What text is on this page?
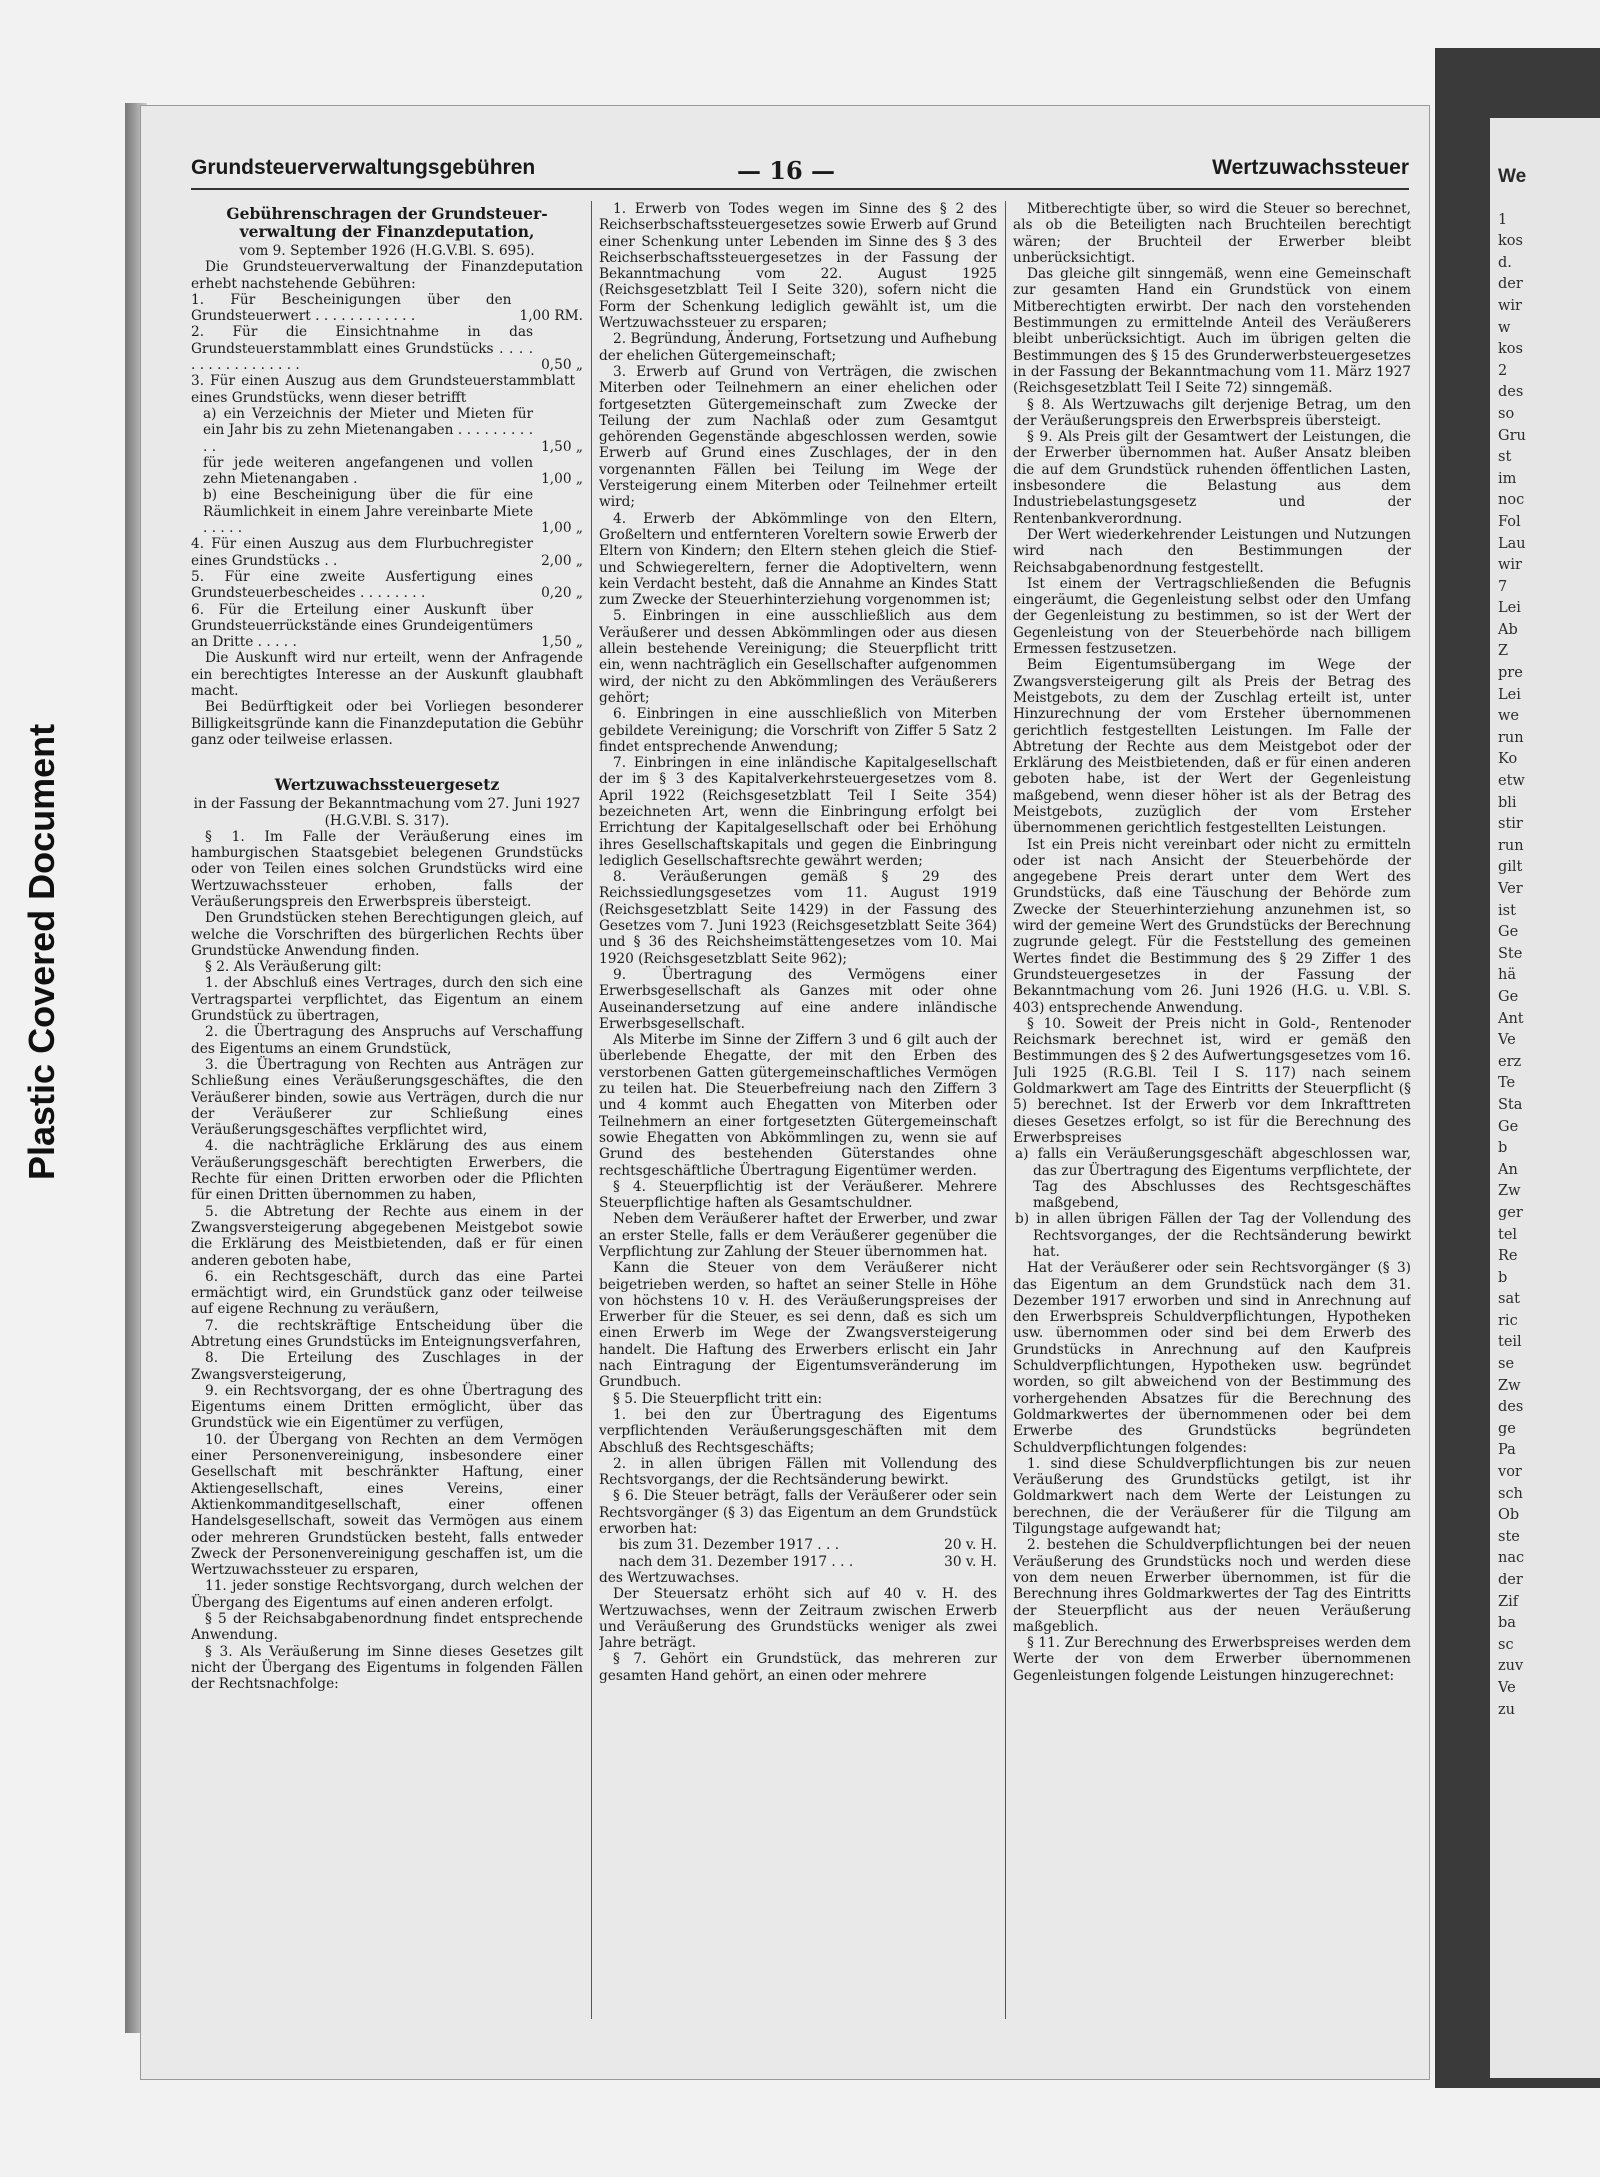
Plastic Covered Document
We
1
kos
d.
der
wir
w
kos
2
des
so
Gru
st
im
noc
Fol
Lau
wir
7
Lei
Ab
Z
pre
Lei
we
run
Ko
etw
bli
stir
run
gilt
Ver
ist
Ge
Ste
hä
Ge
Ant
Ve
erz
Te
Sta
Ge
b
An
Zw
ger
tel
Re
b
sat
ric
teil
se
Zw
des
ge
Pa
vor
sch
Ob
ste
nac
der
Zif
ba
sc
zuv
Ve
zu
Grundsteuerverwaltungsgebühren	— 16 —	Wertzuwachssteuer
Gebührenschragen der Grundsteuer-verwaltung der Finanzdeputation,

vom 9. September 1926 (H.G.V.Bl. S. 695).

Die Grundsteuerverwaltung der Finanzdeputation erhebt nachstehende Gebühren:

1. Für Bescheinigungen über den Grundsteuerwert . . . . . . . . . . . .	1,00 RM.
2. Für die Einsichtnahme in das Grundsteuerstammblatt eines Grundstücks . . . . . . . . . . . . . . . . .	0,50 „
3. Für einen Auszug aus dem Grundsteuerstammblatt eines Grundstücks, wenn dieser betrifft
a) ein Verzeichnis der Mieter und Mieten für ein Jahr bis zu zehn Mietenangaben . . . . . . . . . . .	1,50 „
für jede weiteren angefangenen und vollen zehn Mietenangaben .	1,00 „
b) eine Bescheinigung über die für eine Räumlichkeit in einem Jahre vereinbarte Miete . . . . .	1,00 „
4. Für einen Auszug aus dem Flurbuchregister eines Grundstücks . .	2,00 „
5. Für eine zweite Ausfertigung eines Grundsteuerbescheides . . . . . . . .	0,20 „
6. Für die Erteilung einer Auskunft über Grundsteuerrückstände eines Grundeigentümers an Dritte . . . . .	1,50 „

Die Auskunft wird nur erteilt, wenn der Anfragende ein berechtigtes Interesse an der Auskunft glaubhaft macht.

Bei Bedürftigkeit oder bei Vorliegen besonderer Billigkeitsgründe kann die Finanzdeputation die Gebühr ganz oder teilweise erlassen.

Wertzuwachssteuergesetz

in der Fassung der Bekanntmachung vom 27. Juni 1927 (H.G.V.Bl. S. 317).

§ 1. Im Falle der Veräußerung eines im hamburgischen Staatsgebiet belegenen Grundstücks oder von Teilen eines solchen Grundstücks wird eine Wertzuwachssteuer erhoben, falls der Veräußerungspreis den Erwerbspreis übersteigt.

Den Grundstücken stehen Berechtigungen gleich, auf welche die Vorschriften des bürgerlichen Rechts über Grundstücke Anwendung finden.

§ 2. Als Veräußerung gilt:

1. der Abschluß eines Vertrages, durch den sich eine Vertragspartei verpflichtet, das Eigentum an einem Grundstück zu übertragen,

2. die Übertragung des Anspruchs auf Verschaffung des Eigentums an einem Grundstück,

3. die Übertragung von Rechten aus Anträgen zur Schließung eines Veräußerungsgeschäftes, die den Veräußerer binden, sowie aus Verträgen, durch die nur der Veräußerer zur Schließung eines Veräußerungsgeschäftes verpflichtet wird,

4. die nachträgliche Erklärung des aus einem Veräußerungsgeschäft berechtigten Erwerbers, die Rechte für einen Dritten erworben oder die Pflichten für einen Dritten übernommen zu haben,

5. die Abtretung der Rechte aus einem in der Zwangsversteigerung abgegebenen Meistgebot sowie die Erklärung des Meistbietenden, daß er für einen anderen geboten habe,

6. ein Rechtsgeschäft, durch das eine Partei ermächtigt wird, ein Grundstück ganz oder teilweise auf eigene Rechnung zu veräußern,

7. die rechtskräftige Entscheidung über die Abtretung eines Grundstücks im Enteignungsverfahren,

8. Die Erteilung des Zuschlages in der Zwangsversteigerung,

9. ein Rechtsvorgang, der es ohne Übertragung des Eigentums einem Dritten ermöglicht, über das Grundstück wie ein Eigentümer zu verfügen,

10. der Übergang von Rechten an dem Vermögen einer Personenvereinigung, insbesondere einer Gesellschaft mit beschränkter Haftung, einer Aktiengesellschaft, eines Vereins, einer Aktienkommanditgesellschaft, einer offenen Handelsgesellschaft, soweit das Vermögen aus einem oder mehreren Grundstücken besteht, falls entweder Zweck der Personenvereinigung geschaffen ist, um die Wertzuwachssteuer zu ersparen,

11. jeder sonstige Rechtsvorgang, durch welchen der Übergang des Eigentums auf einen anderen erfolgt.

§ 5 der Reichsabgabenordnung findet entsprechende Anwendung.

§ 3. Als Veräußerung im Sinne dieses Gesetzes gilt nicht der Übergang des Eigentums in folgenden Fällen der Rechtsnachfolge:

1. Erwerb von Todes wegen im Sinne des § 2 des Reichserbschaftssteuergesetzes sowie Erwerb auf Grund einer Schenkung unter Lebenden im Sinne des § 3 des Reichserbschaftssteuergesetzes in der Fassung der Bekanntmachung vom 22. August 1925 (Reichsgesetzblatt Teil I Seite 320), sofern nicht die Form der Schenkung lediglich gewählt ist, um die Wertzuwachssteuer zu ersparen;

2. Begründung, Änderung, Fortsetzung und Aufhebung der ehelichen Gütergemeinschaft;

3. Erwerb auf Grund von Verträgen, die zwischen Miterben oder Teilnehmern an einer ehelichen oder fortgesetzten Gütergemeinschaft zum Zwecke der Teilung der zum Nachlaß oder zum Gesamtgut gehörenden Gegenstände abgeschlossen werden, sowie Erwerb auf Grund eines Zuschlages, der in den vorgenannten Fällen bei Teilung im Wege der Versteigerung einem Miterben oder Teilnehmer erteilt wird;

4. Erwerb der Abkömmlinge von den Eltern, Großeltern und entfernteren Voreltern sowie Erwerb der Eltern von Kindern; den Eltern stehen gleich die Stief- und Schwiegereltern, ferner die Adoptiveltern, wenn kein Verdacht besteht, daß die Annahme an Kindes Statt zum Zwecke der Steuerhinterziehung vorgenommen ist;

5. Einbringen in eine ausschließlich aus dem Veräußerer und dessen Abkömmlingen oder aus diesen allein bestehende Vereinigung; die Steuerpflicht tritt ein, wenn nachträglich ein Gesellschafter aufgenommen wird, der nicht zu den Abkömmlingen des Veräußerers gehört;

6. Einbringen in eine ausschließlich von Miterben gebildete Vereinigung; die Vorschrift von Ziffer 5 Satz 2 findet entsprechende Anwendung;

7. Einbringen in eine inländische Kapitalgesellschaft der im § 3 des Kapitalverkehrsteuergesetzes vom 8. April 1922 (Reichsgesetzblatt Teil I Seite 354) bezeichneten Art, wenn die Einbringung erfolgt bei Errichtung der Kapitalgesellschaft oder bei Erhöhung ihres Gesellschaftskapitals und gegen die Einbringung lediglich Gesellschaftsrechte gewährt werden;

8. Veräußerungen gemäß § 29 des Reichssiedlungsgesetzes vom 11. August 1919 (Reichsgesetzblatt Seite 1429) in der Fassung des Gesetzes vom 7. Juni 1923 (Reichsgesetzblatt Seite 364) und § 36 des Reichsheimstättengesetzes vom 10. Mai 1920 (Reichsgesetzblatt Seite 962);

9. Übertragung des Vermögens einer Erwerbsgesellschaft als Ganzes mit oder ohne Auseinandersetzung auf eine andere inländische Erwerbsgesellschaft.

Als Miterbe im Sinne der Ziffern 3 und 6 gilt auch der überlebende Ehegatte, der mit den Erben des verstorbenen Gatten gütergemeinschaftliches Vermögen zu teilen hat. Die Steuerbefreiung nach den Ziffern 3 und 4 kommt auch Ehegatten von Miterben oder Teilnehmern an einer fortgesetzten Gütergemeinschaft sowie Ehegatten von Abkömmlingen zu, wenn sie auf Grund des bestehenden Güterstandes ohne rechtsgeschäftliche Übertragung Eigentümer werden.

§ 4. Steuerpflichtig ist der Veräußerer. Mehrere Steuerpflichtige haften als Gesamtschuldner.

Neben dem Veräußerer haftet der Erwerber, und zwar an erster Stelle, falls er dem Veräußerer gegenüber die Verpflichtung zur Zahlung der Steuer übernommen hat.

Kann die Steuer von dem Veräußerer nicht beigetrieben werden, so haftet an seiner Stelle in Höhe von höchstens 10 v. H. des Veräußerungspreises der Erwerber für die Steuer, es sei denn, daß es sich um einen Erwerb im Wege der Zwangsversteigerung handelt. Die Haftung des Erwerbers erlischt ein Jahr nach Eintragung der Eigentumsveränderung im Grundbuch.

§ 5. Die Steuerpflicht tritt ein:

1. bei den zur Übertragung des Eigentums verpflichtenden Veräußerungsgeschäften mit dem Abschluß des Rechtsgeschäfts;

2. in allen übrigen Fällen mit Vollendung des Rechtsvorgangs, der die Rechtsänderung bewirkt.

§ 6. Die Steuer beträgt, falls der Veräußerer oder sein Rechtsvorgänger (§ 3) das Eigentum an dem Grundstück erworben hat:

bis zum 31. Dezember 1917 . . .	20 v. H.
nach dem 31. Dezember 1917 . . .	30 v. H.

des Wertzuwachses.

Der Steuersatz erhöht sich auf 40 v. H. des Wertzuwachses, wenn der Zeitraum zwischen Erwerb und Veräußerung des Grundstücks weniger als zwei Jahre beträgt.

§ 7. Gehört ein Grundstück, das mehreren zur gesamten Hand gehört, an einen oder mehrere

Mitberechtigte über, so wird die Steuer so berechnet, als ob die Beteiligten nach Bruchteilen berechtigt wären; der Bruchteil der Erwerber bleibt unberücksichtigt.

Das gleiche gilt sinngemäß, wenn eine Gemeinschaft zur gesamten Hand ein Grundstück von einem Mitberechtigten erwirbt. Der nach den vorstehenden Bestimmungen zu ermittelnde Anteil des Veräußerers bleibt unberücksichtigt. Auch im übrigen gelten die Bestimmungen des § 15 des Grunderwerbsteuergesetzes in der Fassung der Bekanntmachung vom 11. März 1927 (Reichsgesetzblatt Teil I Seite 72) sinngemäß.

§ 8. Als Wertzuwachs gilt derjenige Betrag, um den der Veräußerungspreis den Erwerbspreis übersteigt.

§ 9. Als Preis gilt der Gesamtwert der Leistungen, die der Erwerber übernommen hat. Außer Ansatz bleiben die auf dem Grundstück ruhenden öffentlichen Lasten, insbesondere die Belastung aus dem Industriebelastungsgesetz und der Rentenbankverordnung.

Der Wert wiederkehrender Leistungen und Nutzungen wird nach den Bestimmungen der Reichsabgabenordnung festgestellt.

Ist einem der Vertragschließenden die Befugnis eingeräumt, die Gegenleistung selbst oder den Umfang der Gegenleistung zu bestimmen, so ist der Wert der Gegenleistung von der Steuerbehörde nach billigem Ermessen festzusetzen.

Beim Eigentumsübergang im Wege der Zwangsversteigerung gilt als Preis der Betrag des Meistgebots, zu dem der Zuschlag erteilt ist, unter Hinzurechnung der vom Ersteher übernommenen gerichtlich festgestellten Leistungen. Im Falle der Abtretung der Rechte aus dem Meistgebot oder der Erklärung des Meistbietenden, daß er für einen anderen geboten habe, ist der Wert der Gegenleistung maßgebend, wenn dieser höher ist als der Betrag des Meistgebots, zuzüglich der vom Ersteher übernommenen gerichtlich festgestellten Leistungen.

Ist ein Preis nicht vereinbart oder nicht zu ermitteln oder ist nach Ansicht der Steuerbehörde der angegebene Preis derart unter dem Wert des Grundstücks, daß eine Täuschung der Behörde zum Zwecke der Steuerhinterziehung anzunehmen ist, so wird der gemeine Wert des Grundstücks der Berechnung zugrunde gelegt. Für die Feststellung des gemeinen Wertes findet die Bestimmung des § 29 Ziffer 1 des Grundsteuergesetzes in der Fassung der Bekanntmachung vom 26. Juni 1926 (H.G. u. V.Bl. S. 403) entsprechende Anwendung.

§ 10. Soweit der Preis nicht in Gold-, Rentenoder Reichsmark berechnet ist, wird er gemäß den Bestimmungen des § 2 des Aufwertungsgesetzes vom 16. Juli 1925 (R.G.Bl. Teil I S. 117) nach seinem Goldmarkwert am Tage des Eintritts der Steuerpflicht (§ 5) berechnet. Ist der Erwerb vor dem Inkrafttreten dieses Gesetzes erfolgt, so ist für die Berechnung des Erwerbspreises

a) falls ein Veräußerungsgeschäft abgeschlossen war, das zur Übertragung des Eigentums verpflichtete, der Tag des Abschlusses des Rechtsgeschäftes maßgebend,

b) in allen übrigen Fällen der Tag der Vollendung des Rechtsvorganges, der die Rechtsänderung bewirkt hat.

Hat der Veräußerer oder sein Rechtsvorgänger (§ 3) das Eigentum an dem Grundstück nach dem 31. Dezember 1917 erworben und sind in Anrechnung auf den Erwerbspreis Schuldverpflichtungen, Hypotheken usw. übernommen oder sind bei dem Erwerb des Grundstücks in Anrechnung auf den Kaufpreis Schuldverpflichtungen, Hypotheken usw. begründet worden, so gilt abweichend von der Bestimmung des vorhergehenden Absatzes für die Berechnung des Goldmarkwertes der übernommenen oder bei dem Erwerbe des Grundstücks begründeten Schuldverpflichtungen folgendes:

1. sind diese Schuldverpflichtungen bis zur neuen Veräußerung des Grundstücks getilgt, ist ihr Goldmarkwert nach dem Werte der Leistungen zu berechnen, die der Veräußerer für die Tilgung am Tilgungstage aufgewandt hat;

2. bestehen die Schuldverpflichtungen bei der neuen Veräußerung des Grundstücks noch und werden diese von dem neuen Erwerber übernommen, ist für die Berechnung ihres Goldmarkwertes der Tag des Eintritts der Steuerpflicht aus der neuen Veräußerung maßgeblich.

§ 11. Zur Berechnung des Erwerbspreises werden dem Werte der von dem Erwerber übernommenen Gegenleistungen folgende Leistungen hinzugerechnet:
